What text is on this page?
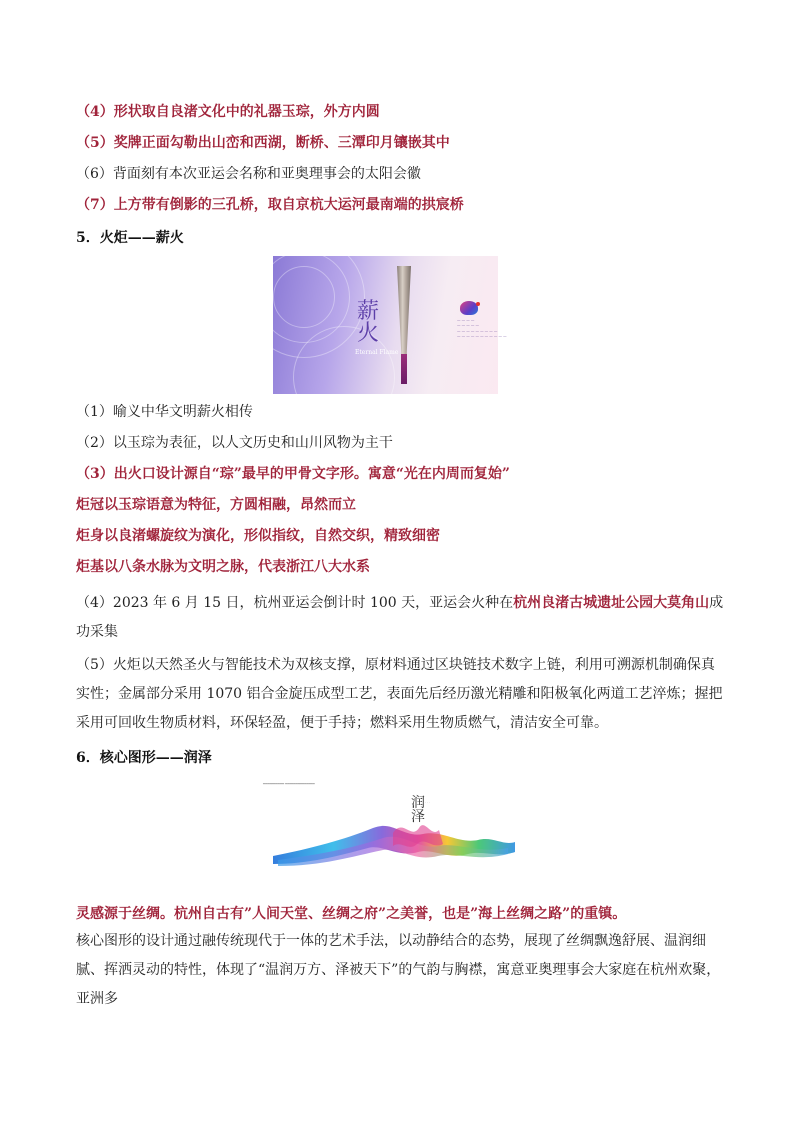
（4）形状取自良渚文化中的礼器玉琮，外方内圆
（5）奖牌正面勾勒出山峦和西湖，断桥、三潭印月镶嵌其中
（6）背面刻有本次亚运会名称和亚奥理事会的太阳会徽
（7）上方带有倒影的三孔桥，取自京杭大运河最南端的拱宸桥
5．火炬——薪火
薪火
Eternal Flame
— — — —
— — — — —
— — — — — — — — —
— — — — — — — — — — —
（1）喻义中华文明薪火相传
（2）以玉琮为表征，以人文历史和山川风物为主干
（3）出火口设计源自“琮”最早的甲骨文字形。寓意“光在内周而复始”
炬冠以玉琮语意为特征，方圆相融，昂然而立
炬身以良渚螺旋纹为演化，形似指纹，自然交织，精致细密
炬基以八条水脉为文明之脉，代表浙江八大水系
（4）2023 年 6 月 15 日，杭州亚运会倒计时 100 天，亚运会火种在杭州良渚古城遗址公园大莫角山成功采集
（5）火炬以天然圣火与智能技术为双核支撑，原材料通过区块链技术数字上链，利用可溯源机制确保真实性；金属部分采用 1070 铝合金旋压成型工艺，表面先后经历激光精雕和阳极氧化两道工艺淬炼；握把采用可回收生物质材料，环保轻盈，便于手持；燃料采用生物质燃气，清洁安全可靠。
6．核心图形——润泽
━━━━━━━━━━ ━━━━━━━━━━━━━━
润泽
· · ·
灵感源于丝绸。杭州自古有”人间天堂、丝绸之府”之美誉，也是”海上丝绸之路”的重镇。
核心图形的设计通过融传统现代于一体的艺术手法，以动静结合的态势，展现了丝绸飘逸舒展、温润细腻、挥洒灵动的特性，体现了“温润万方、泽被天下”的气韵与胸襟，寓意亚奥理事会大家庭在杭州欢聚，亚洲多
